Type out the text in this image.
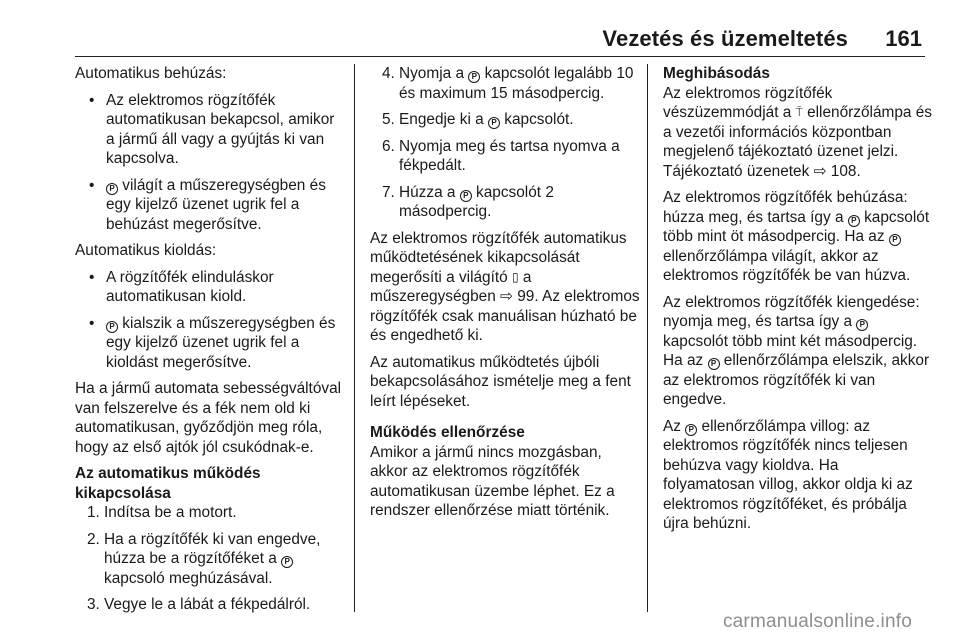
Vezetés és üzemeltetés 161

Automatikus behúzás:

• Az elektromos rögzítőfék automatikusan bekapcsol, amikor a jármű áll vagy a gyújtás ki van kapcsolva.
• P világít a műszeregységben és egy kijelző üzenet ugrik fel a behúzást megerősítve.

Automatikus kioldás:

• A rögzítőfék elinduláskor automatikusan kiold.
• P kialszik a műszeregységben és egy kijelző üzenet ugrik fel a kioldást megerősítve.

Ha a jármű automata sebességváltóval van felszerelve és a fék nem old ki automatikusan, győződjön meg róla, hogy az első ajtók jól csukódnak-e.

Az automatikus működés kikapcsolása
1. Indítsa be a motort.
2. Ha a rögzítőfék ki van engedve, húzza be a rögzítőféket a P
kapcsoló meghúzásával.
3. Vegye le a lábát a fékpedálról.
4. Nyomja a P kapcsolót legalább 10 és maximum 15 másodpercig.
5. Engedje ki a P kapcsolót.
6. Nyomja meg és tartsa nyomva a fékpedált.
7. Húzza a P kapcsolót 2 másodpercig.

Az elektromos rögzítőfék automatikus működtetésének kikapcsolását megerősíti a világító ▯ a műszeregységben ⇨ 99. Az elektromos rögzítőfék csak manuálisan húzható be és engedhető ki.

Az automatikus működtetés újbóli bekapcsolásához ismételje meg a fent leírt lépéseket.

Működés ellenőrzése

Amikor a jármű nincs mozgásban, akkor az elektromos rögzítőfék automatikusan üzembe léphet. Ez a rendszer ellenőrzése miatt történik.

Meghibásodás

Az elektromos rögzítőfék vészüzemmódját a ⍑ ellenőrzőlámpa és a vezetői információs központban megjelenő tájékoztató üzenet jelzi. Tájékoztató üzenetek ⇨ 108.

Az elektromos rögzítőfék behúzása: húzza meg, és tartsa így a P kapcsolót több mint öt másodpercig. Ha az P ellenőrzőlámpa világít, akkor az elektromos rögzítőfék be van húzva.

Az elektromos rögzítőfék kiengedése: nyomja meg, és tartsa így a P kapcsolót több mint két másodpercig. Ha az P ellenőrzőlámpa elelszik, akkor az elektromos rögzítőfék ki van engedve.

Az P ellenőrzőlámpa villog: az elektromos rögzítőfék nincs teljesen behúzva vagy kioldva. Ha folyamatosan villog, akkor oldja ki az elektromos rögzítőféket, és próbálja újra behúzni.

carmanualsonline.info
